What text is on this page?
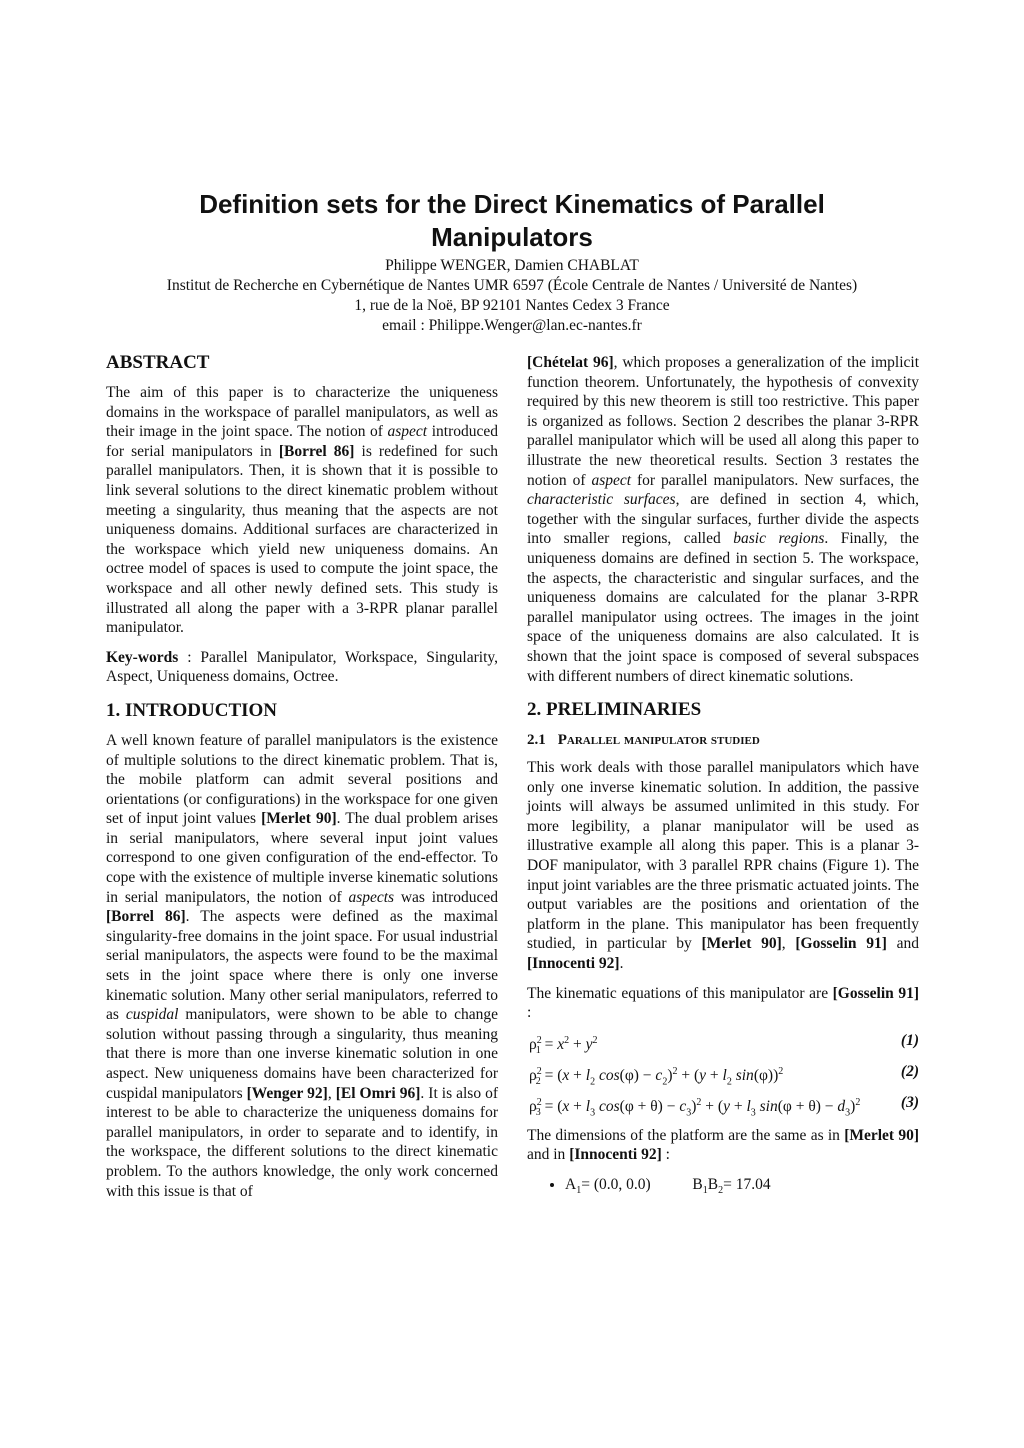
Definition sets for the Direct Kinematics of Parallel
Manipulators
Philippe WENGER, Damien CHABLAT
Institut de Recherche en Cybernétique de Nantes UMR 6597 (École Centrale de Nantes / Université de Nantes)
1, rue de la Noë, BP 92101 Nantes Cedex 3 France
email : Philippe.Wenger@lan.ec-nantes.fr
ABSTRACT

The aim of this paper is to characterize the uniqueness domains in the workspace of parallel manipulators, as well as their image in the joint space. The notion of aspect introduced for serial manipulators in [Borrel 86] is redefined for such parallel manipulators. Then, it is shown that it is possible to link several solutions to the direct kinematic problem without meeting a singularity, thus meaning that the aspects are not uniqueness domains. Additional surfaces are characterized in the workspace which yield new uniqueness domains. An octree model of spaces is used to compute the joint space, the workspace and all other newly defined sets. This study is illustrated all along the paper with a 3-RPR planar parallel manipulator.

Key-words : Parallel Manipulator, Workspace, Singularity, Aspect, Uniqueness domains, Octree.

1. INTRODUCTION

A well known feature of parallel manipulators is the existence of multiple solutions to the direct kinematic problem. That is, the mobile platform can admit several positions and orientations (or configurations) in the workspace for one given set of input joint values [Merlet 90]. The dual problem arises in serial manipulators, where several input joint values correspond to one given configuration of the end-effector. To cope with the existence of multiple inverse kinematic solutions in serial manipulators, the notion of aspects was introduced [Borrel 86]. The aspects were defined as the maximal singularity-free domains in the joint space. For usual industrial serial manipulators, the aspects were found to be the maximal sets in the joint space where there is only one inverse kinematic solution. Many other serial manipulators, referred to as cuspidal manipulators, were shown to be able to change solution without passing through a singularity, thus meaning that there is more than one inverse kinematic solution in one aspect. New uniqueness domains have been characterized for cuspidal manipulators [Wenger 92], [El Omri 96]. It is also of interest to be able to characterize the uniqueness domains for parallel manipulators, in order to separate and to identify, in the workspace, the different solutions to the direct kinematic problem. To the authors knowledge, the only work concerned with this issue is that of

[Chételat 96], which proposes a generalization of the implicit function theorem. Unfortunately, the hypothesis of convexity required by this new theorem is still too restrictive. This paper is organized as follows. Section 2 describes the planar 3-RPR parallel manipulator which will be used all along this paper to illustrate the new theoretical results. Section 3 restates the notion of aspect for parallel manipulators. New surfaces, the characteristic surfaces, are defined in section 4, which, together with the singular surfaces, further divide the aspects into smaller regions, called basic regions. Finally, the uniqueness domains are defined in section 5. The workspace, the aspects, the characteristic and singular surfaces, and the uniqueness domains are calculated for the planar 3-RPR parallel manipulator using octrees. The images in the joint space of the uniqueness domains are also calculated. It is shown that the joint space is composed of several subspaces with different numbers of direct kinematic solutions.

2. PRELIMINARIES
2.1 Parallel manipulator studied

This work deals with those parallel manipulators which have only one inverse kinematic solution. In addition, the passive joints will always be assumed unlimited in this study. For more legibility, a planar manipulator will be used as illustrative example all along this paper. This is a planar 3-DOF manipulator, with 3 parallel RPR chains (Figure 1). The input joint variables are the three prismatic actuated joints. The output variables are the positions and orientation of the platform in the plane. This manipulator has been frequently studied, in particular by [Merlet 90], [Gosselin 91] and [Innocenti 92].

The kinematic equations of this manipulator are [Gosselin 91] :

$\rho^2_1 = x^2 + y^2$	(1)
$\rho^2_2 = (x + l_2$ $\cos(\varphi) - c_2)^2 + (y + l_2$ sin(φ))$^2$	(2)
$\rho^2_3 = (x + l_3$ $\cos(\varphi + \theta) - c_3)^2 + (y + l_3$ $\sin(\varphi + \theta) - d_3)^2$	(3)

The dimensions of the platform are the same as in [Merlet 90] and in [Innocenti 92] :

• $A_1= (0.0$, 0.0)	$B_1B_2= 17.04$
